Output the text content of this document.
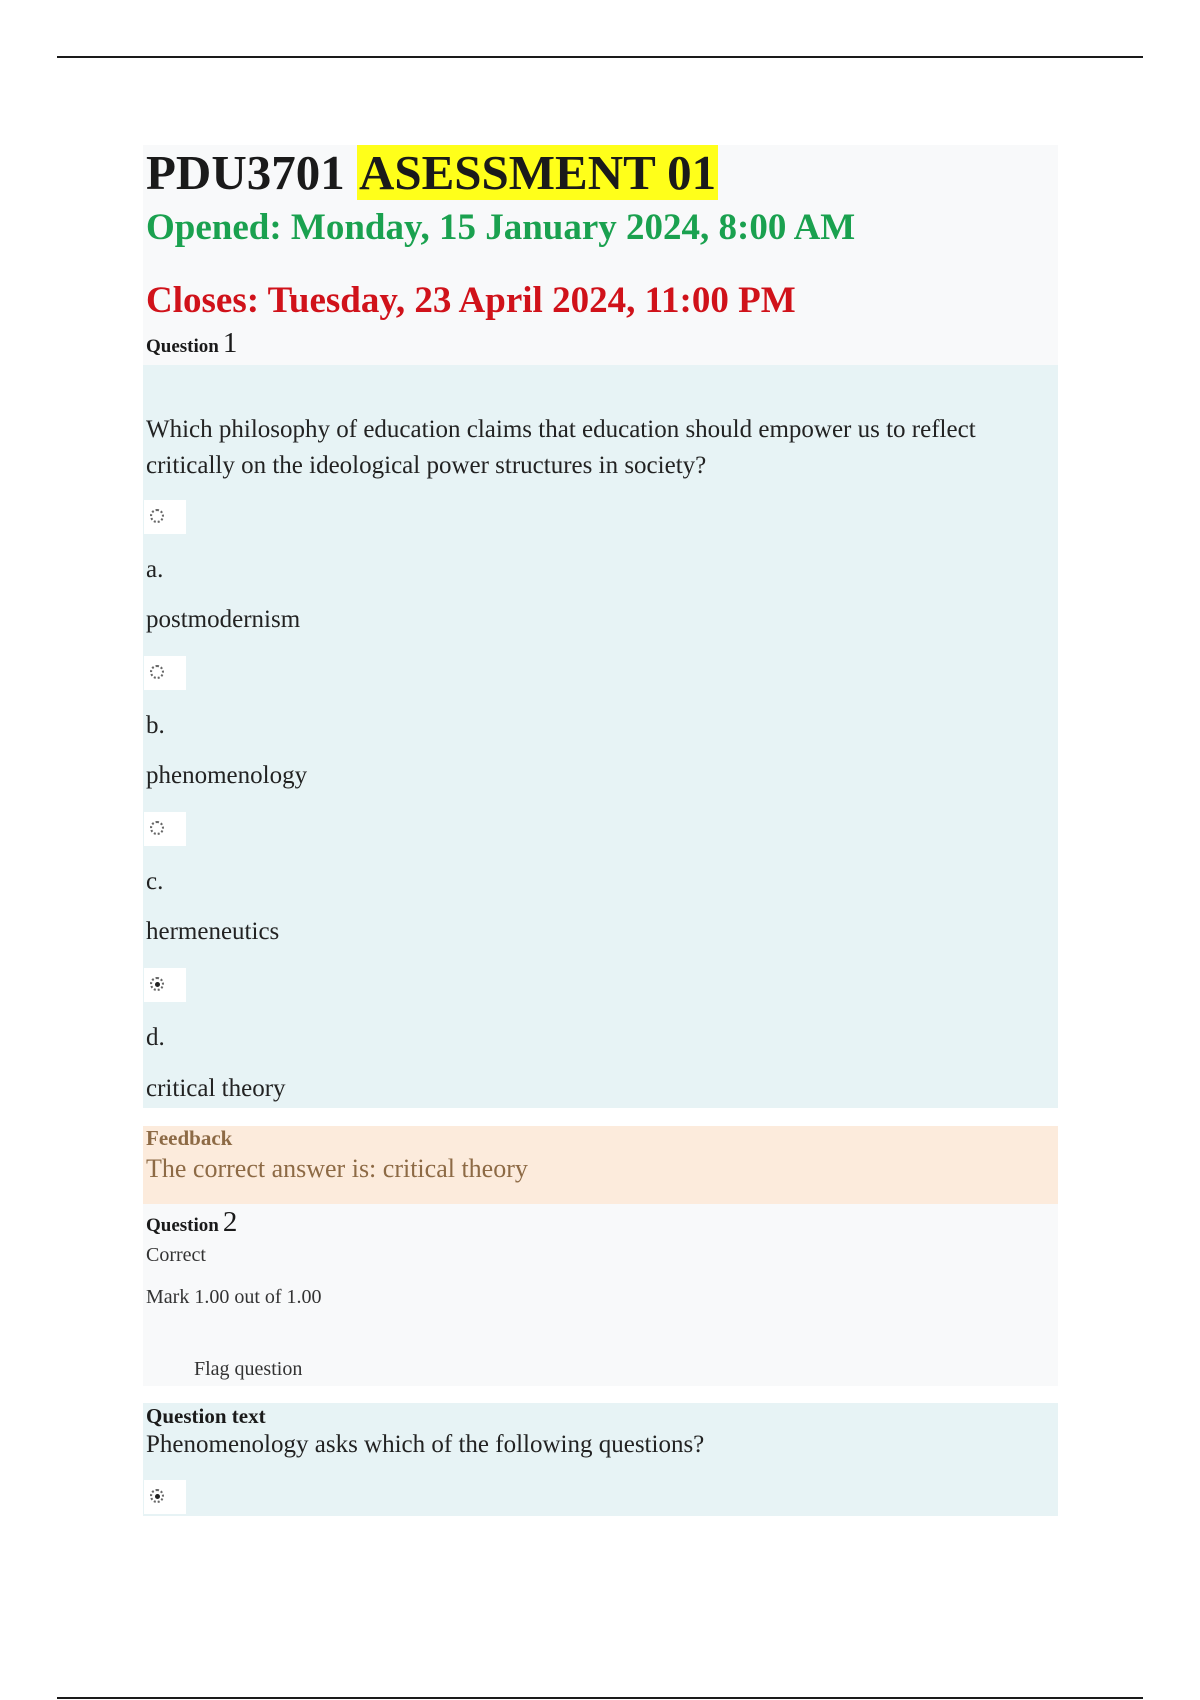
PDU3701 ASESSMENT 01

Opened: Monday, 15 January 2024, 8:00 AM

Closes: Tuesday, 23 April 2024, 11:00 PM

Question 1

Which philosophy of education claims that education should empower us to reflect critically on the ideological power structures in society?

a.

postmodernism

b.

phenomenology

c.

hermeneutics

d.

critical theory

Feedback

The correct answer is: critical theory

Question 2

Correct

Mark 1.00 out of 1.00

Flag question

Question text

Phenomenology asks which of the following questions?
